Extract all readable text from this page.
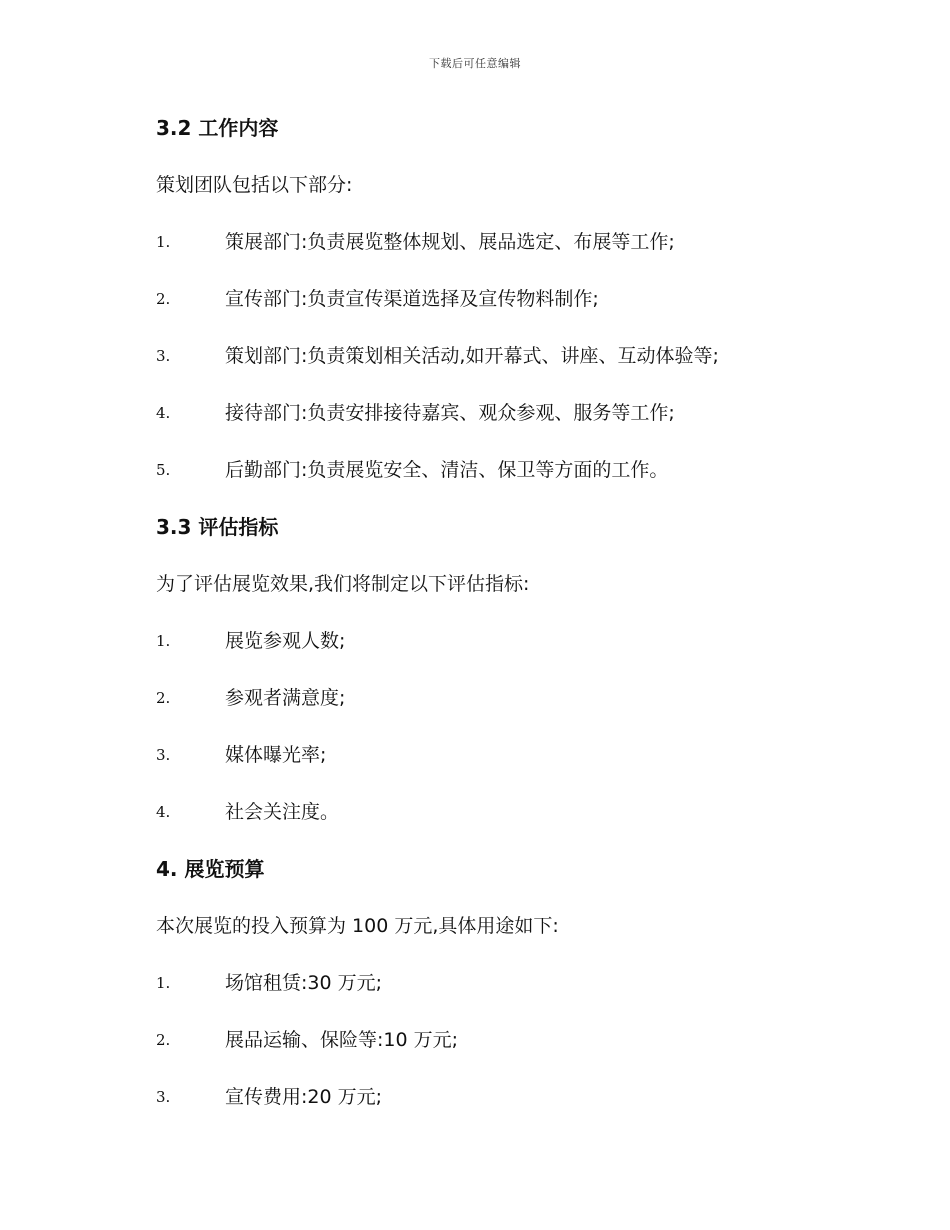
下载后可任意编辑
3.2 工作内容

策划团队包括以下部分:

1.	策展部门:负责展览整体规划、展品选定、布展等工作;
2.	宣传部门:负责宣传渠道选择及宣传物料制作;
3.	策划部门:负责策划相关活动,如开幕式、讲座、互动体验等;
4.	接待部门:负责安排接待嘉宾、观众参观、服务等工作;
5.	后勤部门:负责展览安全、清洁、保卫等方面的工作。
3.3 评估指标

为了评估展览效果,我们将制定以下评估指标:

1.	展览参观人数;
2.	参观者满意度;
3.	媒体曝光率;
4.	社会关注度。
4. 展览预算

本次展览的投入预算为 100 万元,具体用途如下:

1.	场馆租赁:30 万元;
2.	展品运输、保险等:10 万元;
3.	宣传费用:20 万元;
